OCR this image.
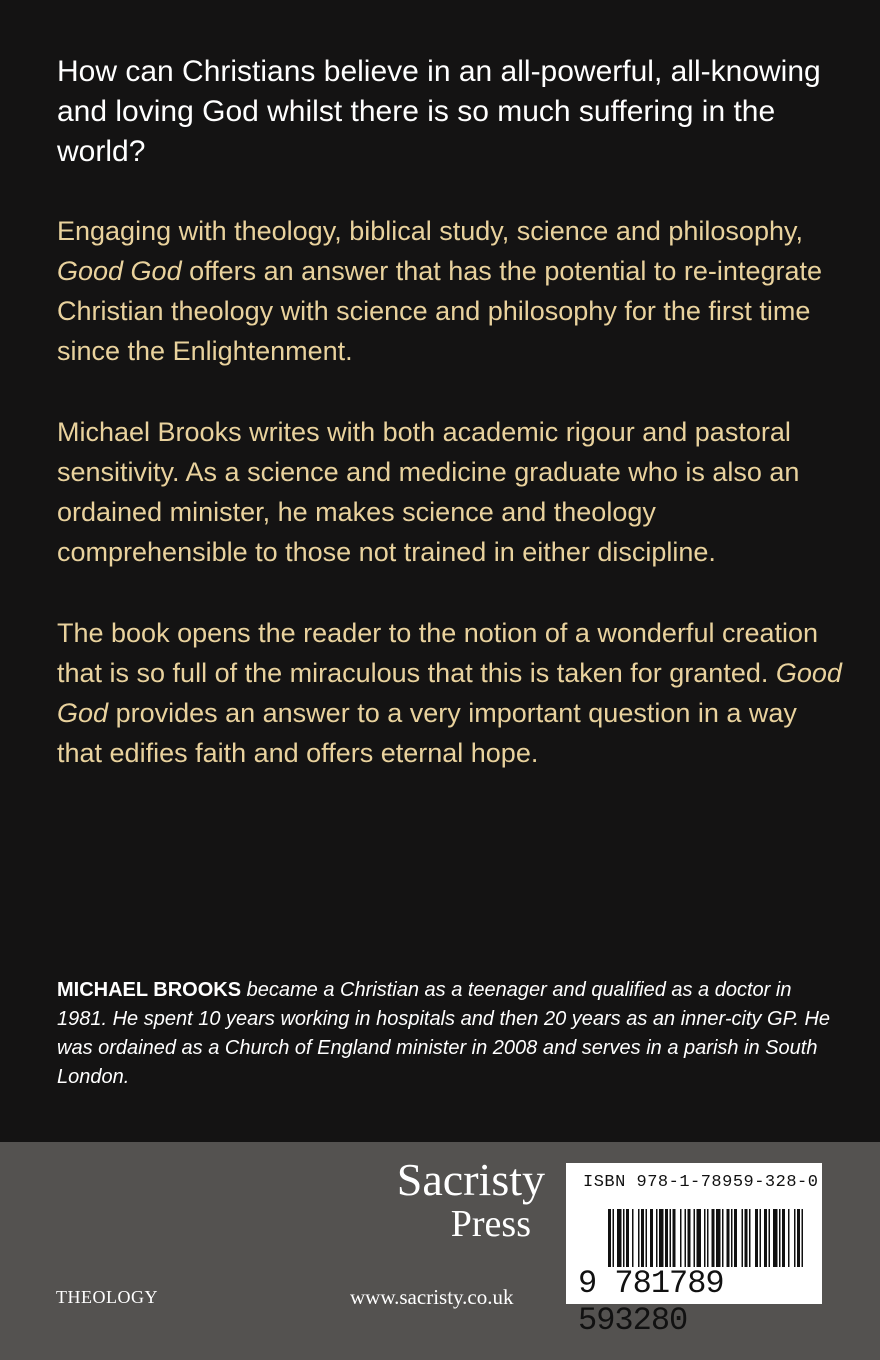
How can Christians believe in an all-powerful, all-knowing and loving God whilst there is so much suffering in the world?

Engaging with theology, biblical study, science and philosophy, Good God offers an answer that has the potential to re-integrate Christian theology with science and philosophy for the first time since the Enlightenment.

Michael Brooks writes with both academic rigour and pastoral sensitivity. As a science and medicine graduate who is also an ordained minister, he makes science and theology comprehensible to those not trained in either discipline.

The book opens the reader to the notion of a wonderful creation that is so full of the miraculous that this is taken for granted. Good God provides an answer to a very important question in a way that edifies faith and offers eternal hope.

MICHAEL BROOKS became a Christian as a teenager and qualified as a doctor in 1981. He spent 10 years working in hospitals and then 20 years as an inner-city GP. He was ordained as a Church of England minister in 2008 and serves in a parish in South London.

THEOLOGY
Sacristy
Press
www.sacristy.co.uk
ISBN 978-1-78959-328-0
9 781789 593280
